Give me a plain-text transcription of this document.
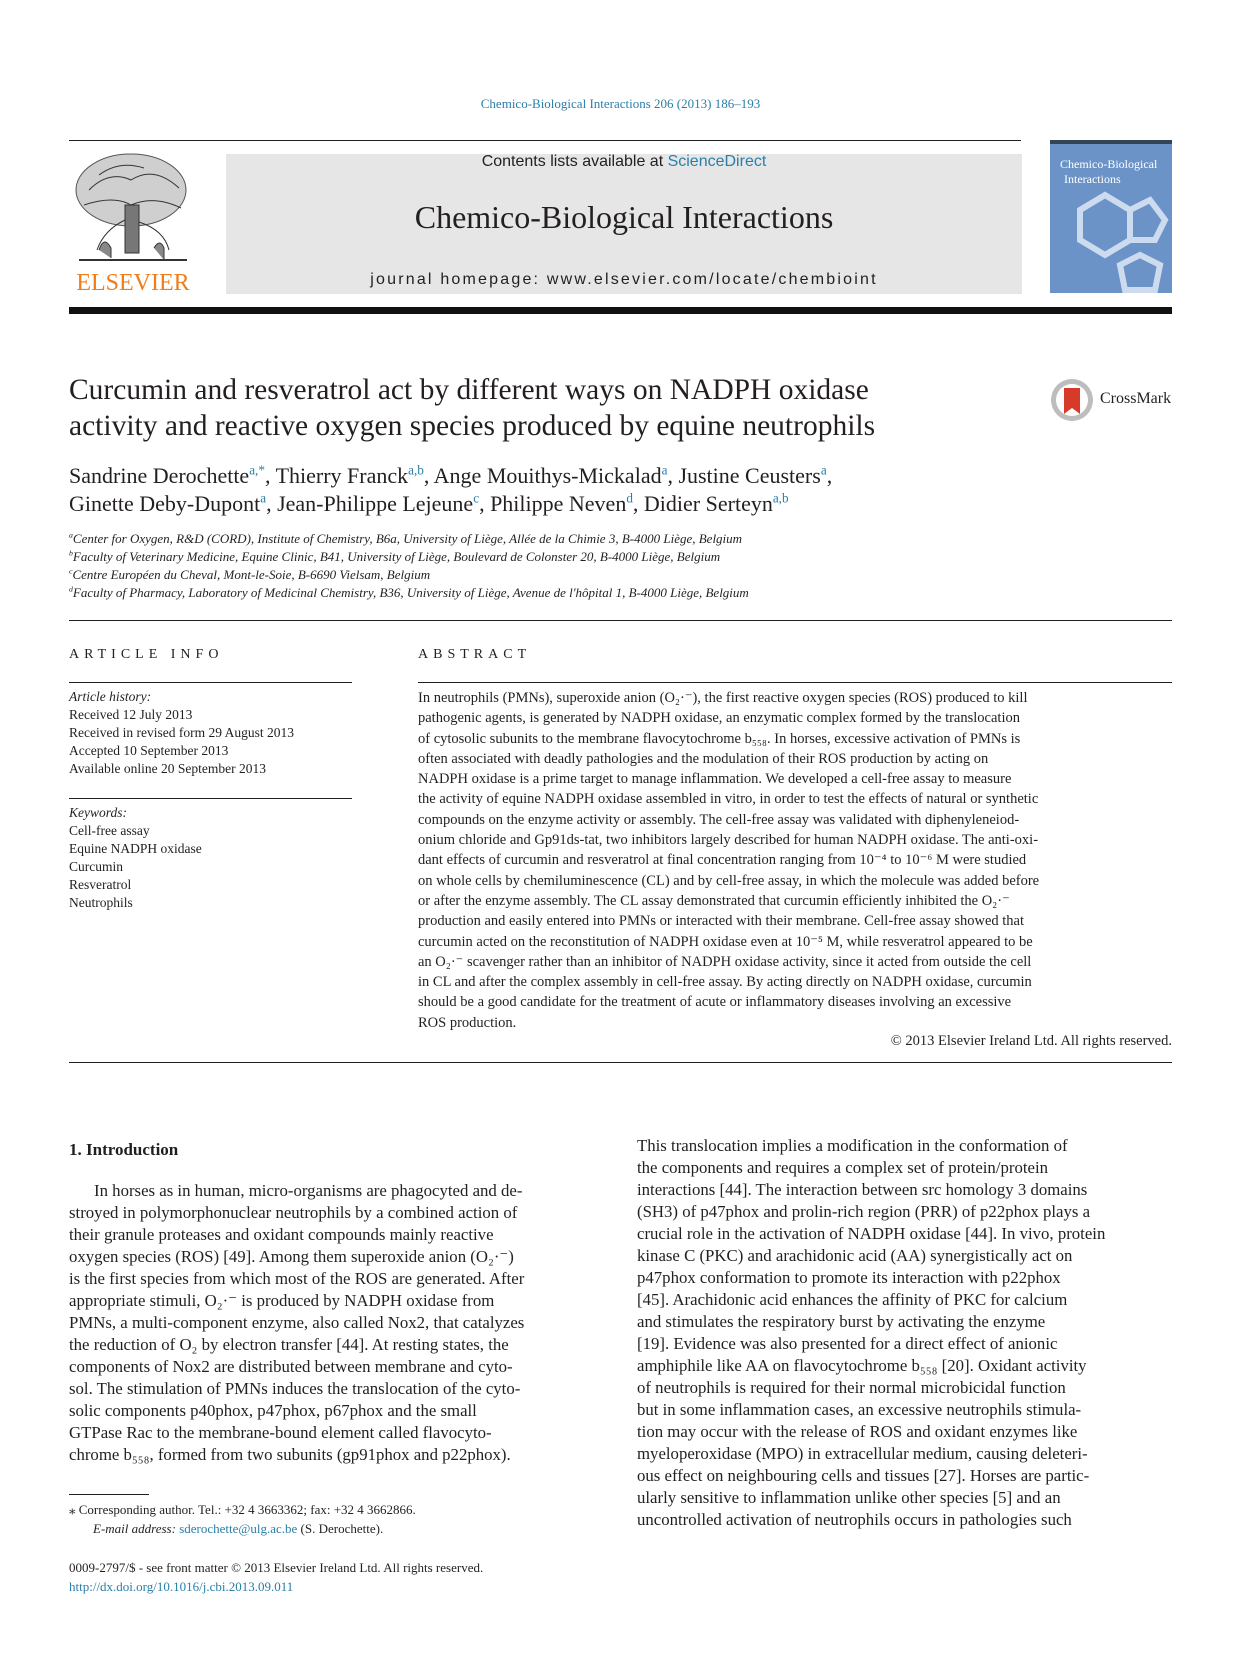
Chemico-Biological Interactions 206 (2013) 186–193
ELSEVIER
Contents lists available at ScienceDirect
Chemico-Biological Interactions
journal homepage: www.elsevier.com/locate/chembioint
Chemico-Biological
Interactions
Curcumin and resveratrol act by different ways on NADPH oxidase
activity and reactive oxygen species produced by equine neutrophils
CrossMark
Sandrine Derochette$^{a,*}$, Thierry Franck$^{a,b}$, Ange Mouithys-Mickalad$^a$, Justine Ceusters$^a$,
Ginette Deby-Dupont$^a$, Jean-Philippe Lejeune$^c$, Philippe Neven$^d$, Didier Serteyn$^{a,b}$
$^a$Center for Oxygen, R&D (CORD), Institute of Chemistry, B6a, University of Liège, Allée de la Chimie 3, B-4000 Liège, Belgium
$^b$Faculty of Veterinary Medicine, Equine Clinic, B41, University of Liège, Boulevard de Colonster 20, B-4000 Liège, Belgium
$^c$Centre Européen du Cheval, Mont-le-Soie, B-6690 Vielsam, Belgium
$^d$Faculty of Pharmacy, Laboratory of Medicinal Chemistry, B36, University of Liège, Avenue de l'hôpital 1, B-4000 Liège, Belgium
ARTICLE INFO
Article history:
Received 12 July 2013
Received in revised form 29 August 2013
Accepted 10 September 2013
Available online 20 September 2013
Keywords:
Cell-free assay
Equine NADPH oxidase
Curcumin
Resveratrol
Neutrophils
ABSTRACT
In neutrophils (PMNs), superoxide anion (O₂·⁻), the first reactive oxygen species (ROS) produced to kill
pathogenic agents, is generated by NADPH oxidase, an enzymatic complex formed by the translocation
of cytosolic subunits to the membrane flavocytochrome b₅₅₈. In horses, excessive activation of PMNs is
often associated with deadly pathologies and the modulation of their ROS production by acting on
NADPH oxidase is a prime target to manage inflammation. We developed a cell-free assay to measure
the activity of equine NADPH oxidase assembled in vitro, in order to test the effects of natural or synthetic
compounds on the enzyme activity or assembly. The cell-free assay was validated with diphenyleneiod-
onium chloride and Gp91ds-tat, two inhibitors largely described for human NADPH oxidase. The anti-oxi-
dant effects of curcumin and resveratrol at final concentration ranging from 10⁻⁴ to 10⁻⁶ M were studied
on whole cells by chemiluminescence (CL) and by cell-free assay, in which the molecule was added before
or after the enzyme assembly. The CL assay demonstrated that curcumin efficiently inhibited the O₂·⁻
production and easily entered into PMNs or interacted with their membrane. Cell-free assay showed that
curcumin acted on the reconstitution of NADPH oxidase even at 10⁻⁵ M, while resveratrol appeared to be
an O₂·⁻ scavenger rather than an inhibitor of NADPH oxidase activity, since it acted from outside the cell
in CL and after the complex assembly in cell-free assay. By acting directly on NADPH oxidase, curcumin
should be a good candidate for the treatment of acute or inflammatory diseases involving an excessive
ROS production.
© 2013 Elsevier Ireland Ltd. All rights reserved.
1. Introduction
In horses as in human, micro-organisms are phagocyted and de-
stroyed in polymorphonuclear neutrophils by a combined action of
their granule proteases and oxidant compounds mainly reactive
oxygen species (ROS) [49]. Among them superoxide anion (O₂·⁻)
is the first species from which most of the ROS are generated. After
appropriate stimuli, O₂·⁻ is produced by NADPH oxidase from
PMNs, a multi-component enzyme, also called Nox2, that catalyzes
the reduction of O₂ by electron transfer [44]. At resting states, the
components of Nox2 are distributed between membrane and cyto-
sol. The stimulation of PMNs induces the translocation of the cyto-
solic components p40phox, p47phox, p67phox and the small
GTPase Rac to the membrane-bound element called flavocyto-
chrome b₅₅₈, formed from two subunits (gp91phox and p22phox).
This translocation implies a modification in the conformation of
the components and requires a complex set of protein/protein
interactions [44]. The interaction between src homology 3 domains
(SH3) of p47phox and prolin-rich region (PRR) of p22phox plays a
crucial role in the activation of NADPH oxidase [44]. In vivo, protein
kinase C (PKC) and arachidonic acid (AA) synergistically act on
p47phox conformation to promote its interaction with p22phox
[45]. Arachidonic acid enhances the affinity of PKC for calcium
and stimulates the respiratory burst by activating the enzyme
[19]. Evidence was also presented for a direct effect of anionic
amphiphile like AA on flavocytochrome b₅₅₈ [20]. Oxidant activity
of neutrophils is required for their normal microbicidal function
but in some inflammation cases, an excessive neutrophils stimula-
tion may occur with the release of ROS and oxidant enzymes like
myeloperoxidase (MPO) in extracellular medium, causing deleteri-
ous effect on neighbouring cells and tissues [27]. Horses are partic-
ularly sensitive to inflammation unlike other species [5] and an
uncontrolled activation of neutrophils occurs in pathologies such
⁎ Corresponding author. Tel.: +32 4 3663362; fax: +32 4 3662866.
E-mail address: sderochette@ulg.ac.be (S. Derochette).
0009-2797/$ - see front matter © 2013 Elsevier Ireland Ltd. All rights reserved.
http://dx.doi.org/10.1016/j.cbi.2013.09.011
